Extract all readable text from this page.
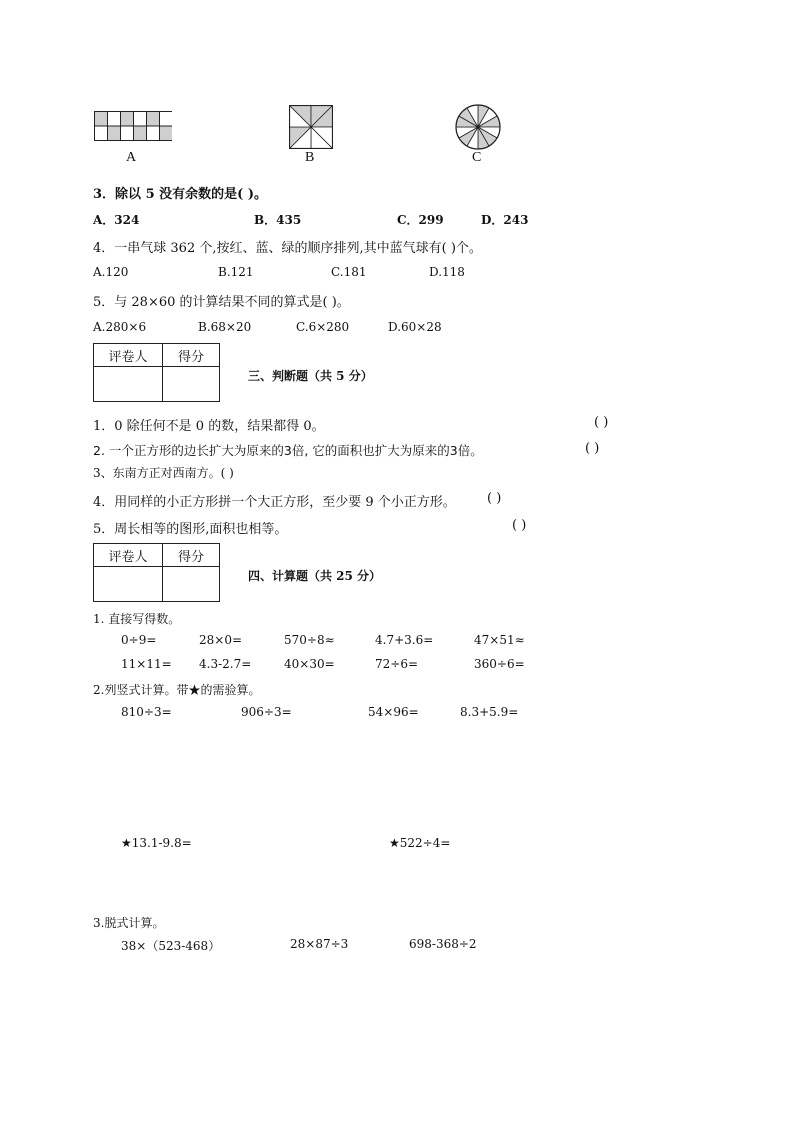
A	B	C
3．除以 5 没有余数的是( )。
A．324	B．435	C．299	D．243
4．一串气球 362 个,按红、蓝、绿的顺序排列,其中蓝气球有( )个。
A.120	B.121	C.181	D.118
5．与 28×60 的计算结果不同的算式是( )。
A.280×6	B.68×20	C.6×280	D.60×28
评卷人	得分

三、判断题（共 5 分）
1．0 除任何不是 0 的数，结果都得 0。	( )
2. 一个正方形的边长扩大为原来的3倍, 它的面积也扩大为原来的3倍。	( )
3、东南方正对西南方。( )
4．用同样的小正方形拼一个大正方形，至少要 9 个小正方形。 ( )
5．周长相等的图形,面积也相等。	( )
评卷人	得分

四、计算题（共 25 分）
1. 直接写得数。
0÷9=	28×0=	570÷8≈	4.7+3.6=	47×51≈
11×11= 4.3-2.7=	40×30=	72÷6=	360÷6=
2.列竖式计算。带★的需验算。
810÷3=	906÷3=	54×96=	8.3+5.9=
★13.1-9.8=	★522÷4=
3.脱式计算。
38×（523-468）	28×87÷3	698-368÷2
